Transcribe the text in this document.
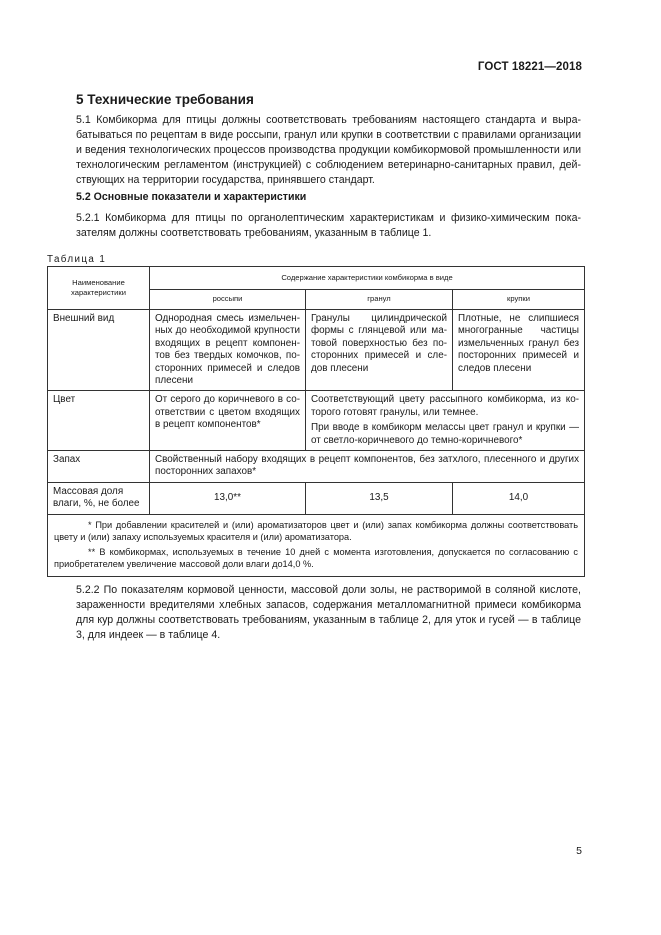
ГОСТ 18221—2018
5 Технические требования

5.1 Комбикорма для птицы должны соответствовать требованиям настоящего стандарта и вырабатываться по рецептам в виде россыпи, гранул или крупки в соответствии с правилами организации и ведения технологических процессов производства продукции комбикормовой промышленности или технологическим регламентом (инструкцией) с соблюдением ветеринарно-санитарных правил, действующих на территории государства, принявшего стандарт.

5.2 Основные показатели и характеристики

5.2.1 Комбикорма для птицы по органолептическим характеристикам и физико-химическим показателям должны соответствовать требованиям, указанным в таблице 1.

Таблица 1
Наименование характеристики	Содержание характеристики комбикорма в виде		
	россыпи	гранул	крупки
Внешний вид	Однородная смесь измельченных до необходимой крупности входящих в рецепт компонентов без твердых комочков, посторонних примесей и следов плесени	Гранулы цилиндрической формы с глянцевой или матовой поверхностью без посторонних примесей и следов плесени	Плотные, не слипшиеся многогранные частицы измельченных гранул без посторонних примесей и следов плесени
Цвет	От серого до коричневого в соответствии с цветом входящих в рецепт компонентов*	Соответствующий цвету рассыпного комбикорма, из которого готовят гранулы, или темнее.
При вводе в комбикорм мелассы цвет гранул и крупки — от светло-коричневого до темно-коричневого*	

Запах	Свойственный набору входящих в рецепт компонентов, без затхлого, плесенного и других посторонних запахов*		
Массовая доля влаги, %, не более	13,0**	13,5	14,0

* При добавлении красителей и (или) ароматизаторов цвет и (или) запах комбикорма должны соответствовать цвету и (или) запаху используемых красителя и (или) ароматизатора.
** В комбикормах, используемых в течение 10 дней с момента изготовления, допускается по согласованию с приобретателем увеличение массовой доли влаги до14,0 %.			

5.2.2 По показателям кормовой ценности, массовой доли золы, не растворимой в соляной кислоте, зараженности вредителями хлебных запасов, содержания металломагнитной примеси комбикорма для кур должны соответствовать требованиям, указанным в таблице 2, для уток и гусей — в таблице 3, для индеек — в таблице 4.

5
